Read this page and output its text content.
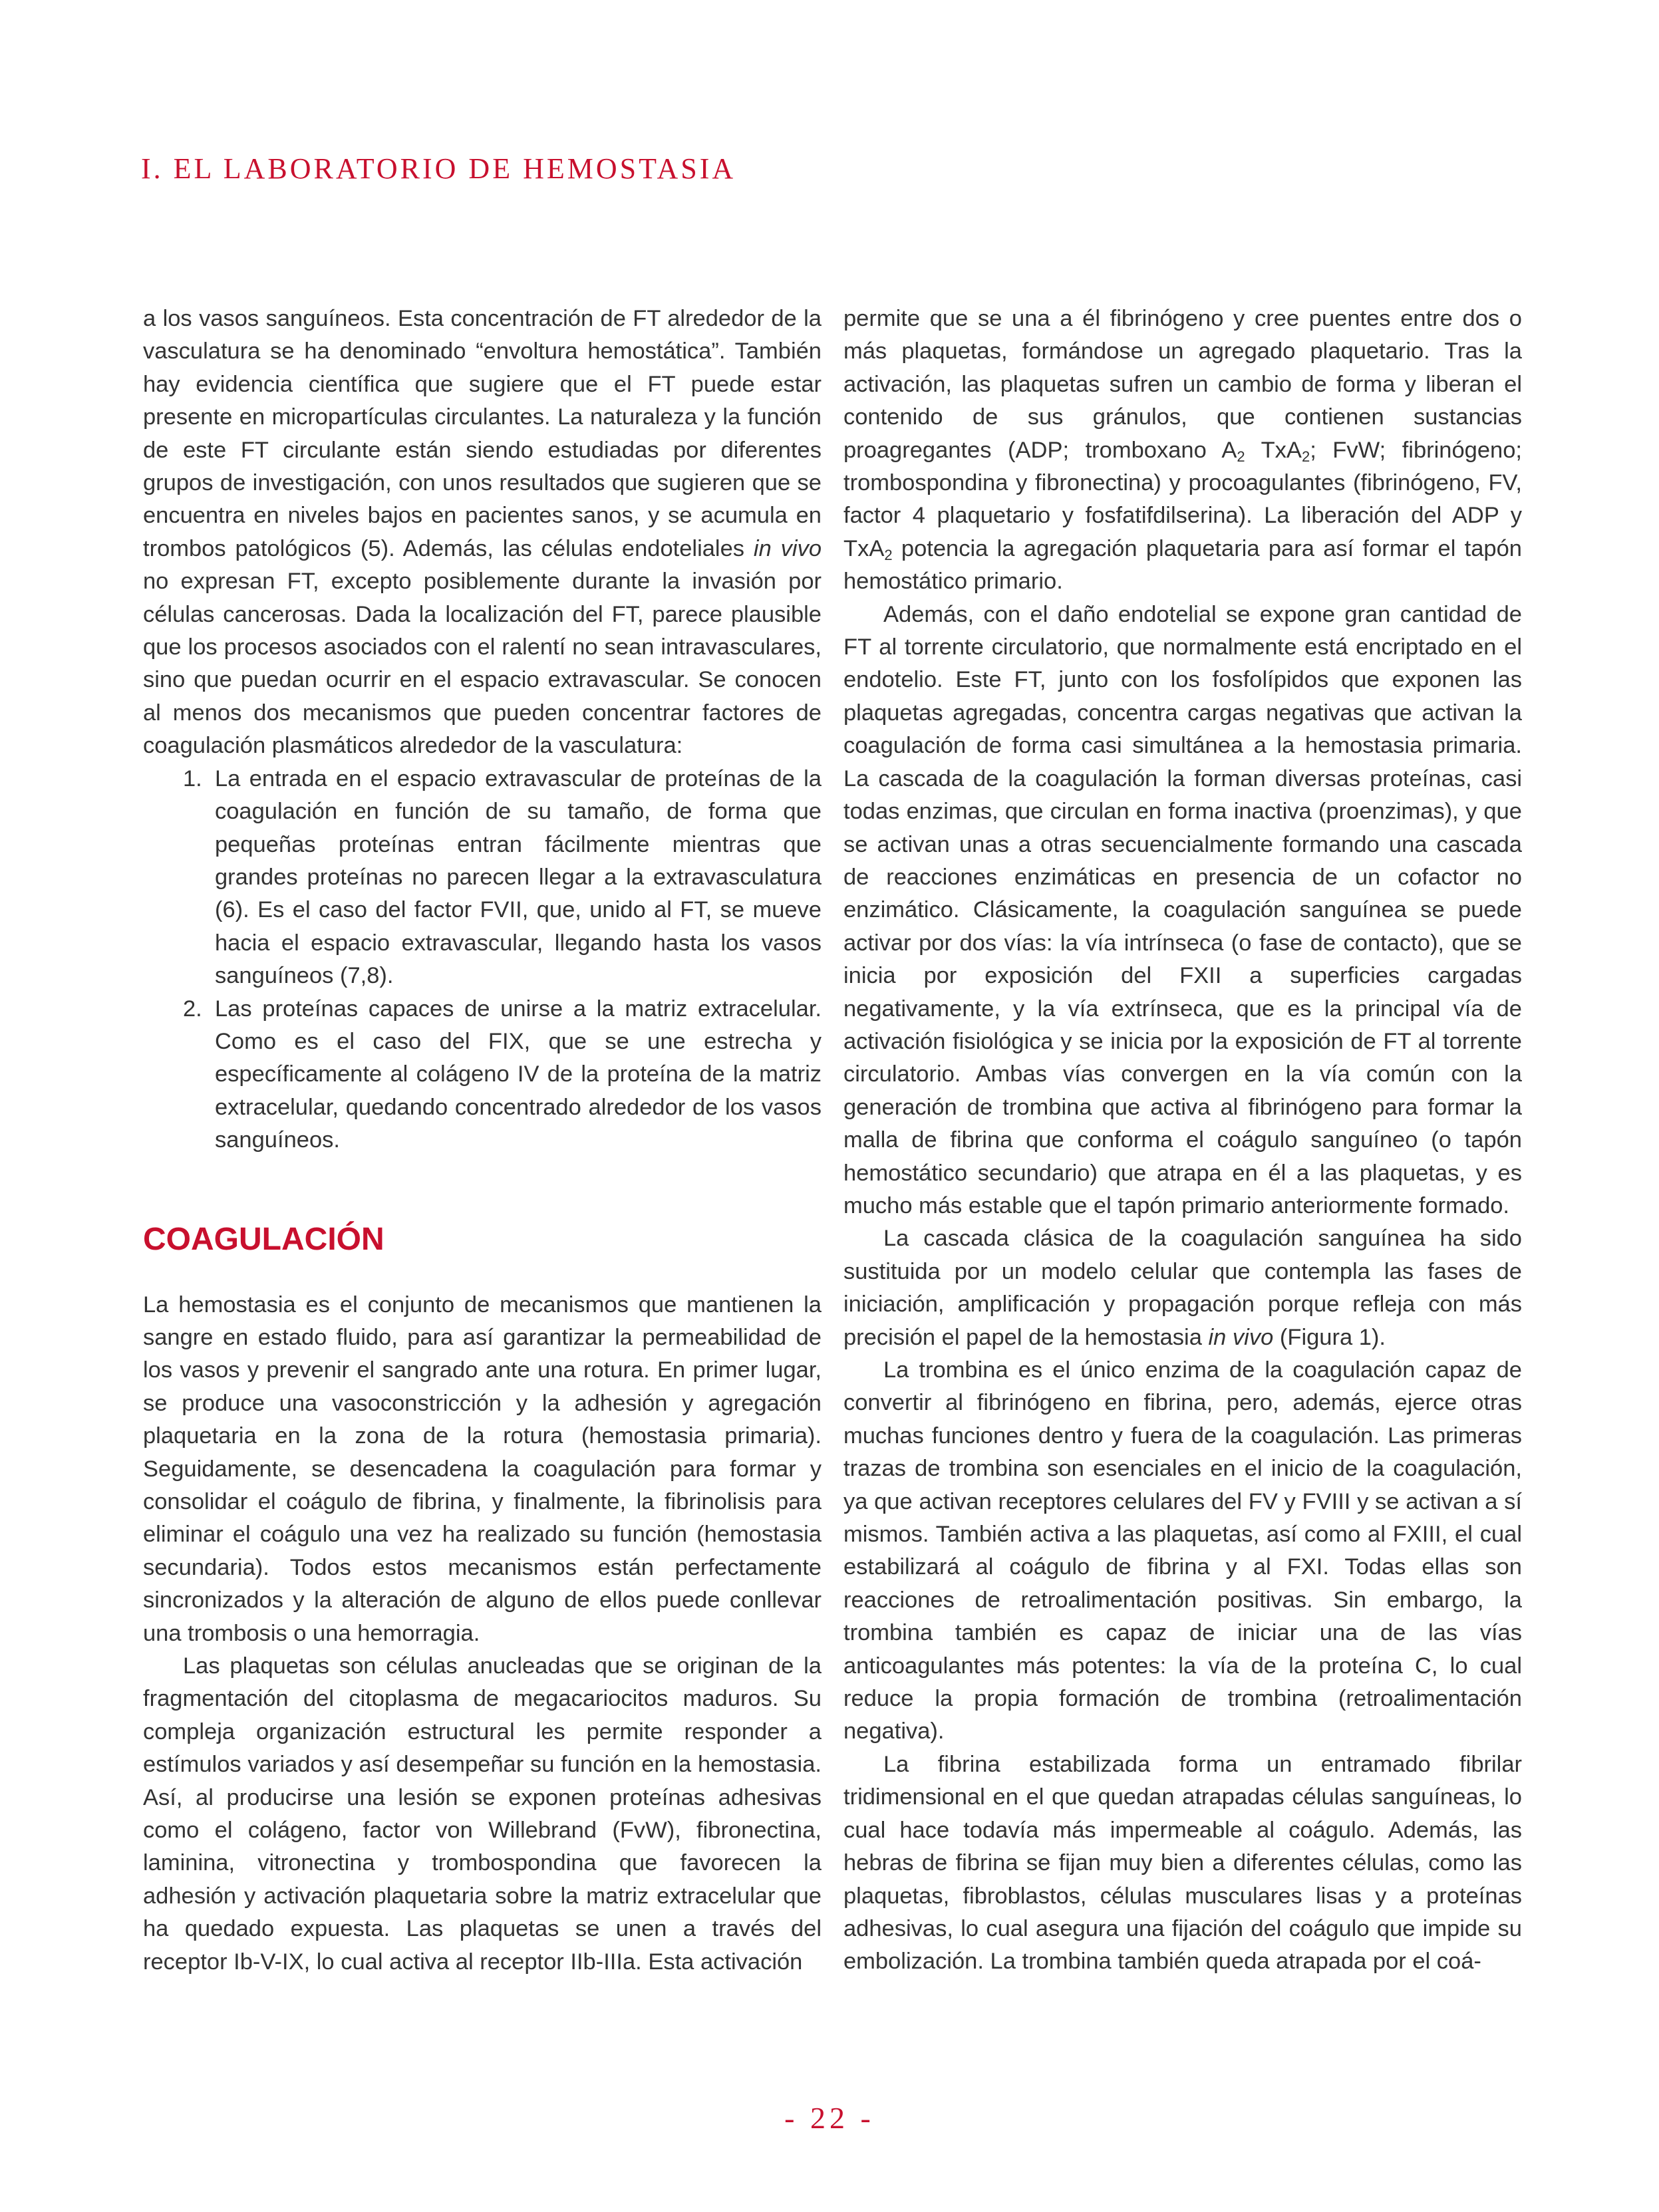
I. EL LABORATORIO DE HEMOSTASIA

a los vasos sanguíneos. Esta concentración de FT alrededor de la vasculatura se ha denominado “envoltura hemostática”. También hay evidencia científica que sugiere que el FT puede estar presente en micropartículas circulantes. La naturaleza y la función de este FT circulante están siendo estudiadas por diferentes grupos de investigación, con unos resultados que sugieren que se encuentra en niveles bajos en pacientes sanos, y se acumula en trombos patológicos (5). Además, las células endoteliales in vivo no expresan FT, excepto posiblemente durante la invasión por células cancerosas. Dada la localización del FT, parece plausible que los procesos asociados con el ralentí no sean intravasculares, sino que puedan ocurrir en el espacio extravascular. Se conocen al menos dos mecanismos que pueden concentrar factores de coagulación plasmáticos alrededor de la vasculatura:

1. La entrada en el espacio extravascular de proteínas de la coagulación en función de su tamaño, de forma que pequeñas proteínas entran fácilmente mientras que grandes proteínas no parecen llegar a la extravasculatura (6). Es el caso del factor FVII, que, unido al FT, se mueve hacia el espacio extravascular, llegando hasta los vasos sanguíneos (7,8).
2. Las proteínas capaces de unirse a la matriz extracelular. Como es el caso del FIX, que se une estrecha y específicamente al colágeno IV de la proteína de la matriz extracelular, quedando concentrado alrededor de los vasos sanguíneos.
COAGULACIÓN

La hemostasia es el conjunto de mecanismos que mantienen la sangre en estado fluido, para así garantizar la permeabilidad de los vasos y prevenir el sangrado ante una rotura. En primer lugar, se produce una vasoconstricción y la adhesión y agregación plaquetaria en la zona de la rotura (hemostasia primaria). Seguidamente, se desencadena la coagulación para formar y consolidar el coágulo de fibrina, y finalmente, la fibrinolisis para eliminar el coágulo una vez ha realizado su función (hemostasia secundaria). Todos estos mecanismos están perfectamente sincronizados y la alteración de alguno de ellos puede conllevar una trombosis o una hemorragia.

Las plaquetas son células anucleadas que se originan de la fragmentación del citoplasma de megacariocitos maduros. Su compleja organización estructural les permite responder a estímulos variados y así desempeñar su función en la hemostasia. Así, al producirse una lesión se exponen proteínas adhesivas como el colágeno, factor von Willebrand (FvW), fibronectina, laminina, vitronectina y trombospondina que favorecen la adhesión y activación plaquetaria sobre la matriz extracelular que ha quedado expuesta. Las plaquetas se unen a través del receptor Ib-V-IX, lo cual activa al receptor IIb-IIIa. Esta activación

permite que se una a él fibrinógeno y cree puentes entre dos o más plaquetas, formándose un agregado plaquetario. Tras la activación, las plaquetas sufren un cambio de forma y liberan el contenido de sus gránulos, que contienen sustancias proagregantes (ADP; tromboxano $A_2$ TxA$_2$; FvW; fibrinógeno; trombospondina y fibronectina) y procoagulantes (fibrinógeno, FV, factor 4 plaquetario y fosfatifdilserina). La liberación del ADP y TxA$_2$ potencia la agregación plaquetaria para así formar el tapón hemostático primario.

Además, con el daño endotelial se expone gran cantidad de FT al torrente circulatorio, que normalmente está encriptado en el endotelio. Este FT, junto con los fosfolípidos que exponen las plaquetas agregadas, concentra cargas negativas que activan la coagulación de forma casi simultánea a la hemostasia primaria. La cascada de la coagulación la forman diversas proteínas, casi todas enzimas, que circulan en forma inactiva (proenzimas), y que se activan unas a otras secuencialmente formando una cascada de reacciones enzimáticas en presencia de un cofactor no enzimático. Clásicamente, la coagulación sanguínea se puede activar por dos vías: la vía intrínseca (o fase de contacto), que se inicia por exposición del FXII a superficies cargadas negativamente, y la vía extrínseca, que es la principal vía de activación fisiológica y se inicia por la exposición de FT al torrente circulatorio. Ambas vías convergen en la vía común con la generación de trombina que activa al fibrinógeno para formar la malla de fibrina que conforma el coágulo sanguíneo (o tapón hemostático secundario) que atrapa en él a las plaquetas, y es mucho más estable que el tapón primario anteriormente formado.

La cascada clásica de la coagulación sanguínea ha sido sustituida por un modelo celular que contempla las fases de iniciación, amplificación y propagación porque refleja con más precisión el papel de la hemostasia in vivo (Figura 1).

La trombina es el único enzima de la coagulación capaz de convertir al fibrinógeno en fibrina, pero, además, ejerce otras muchas funciones dentro y fuera de la coagulación. Las primeras trazas de trombina son esenciales en el inicio de la coagulación, ya que activan receptores celulares del FV y FVIII y se activan a sí mismos. También activa a las plaquetas, así como al FXIII, el cual estabilizará al coágulo de fibrina y al FXI. Todas ellas son reacciones de retroalimentación positivas. Sin embargo, la trombina también es capaz de iniciar una de las vías anticoagulantes más potentes: la vía de la proteína C, lo cual reduce la propia formación de trombina (retroalimentación negativa).

La fibrina estabilizada forma un entramado fibrilar tridimensional en el que quedan atrapadas células sanguíneas, lo cual hace todavía más impermeable al coágulo. Además, las hebras de fibrina se fijan muy bien a diferentes células, como las plaquetas, fibroblastos, células musculares lisas y a proteínas adhesivas, lo cual asegura una fijación del coágulo que impide su embolización. La trombina también queda atrapada por el coá-

- 22 -
